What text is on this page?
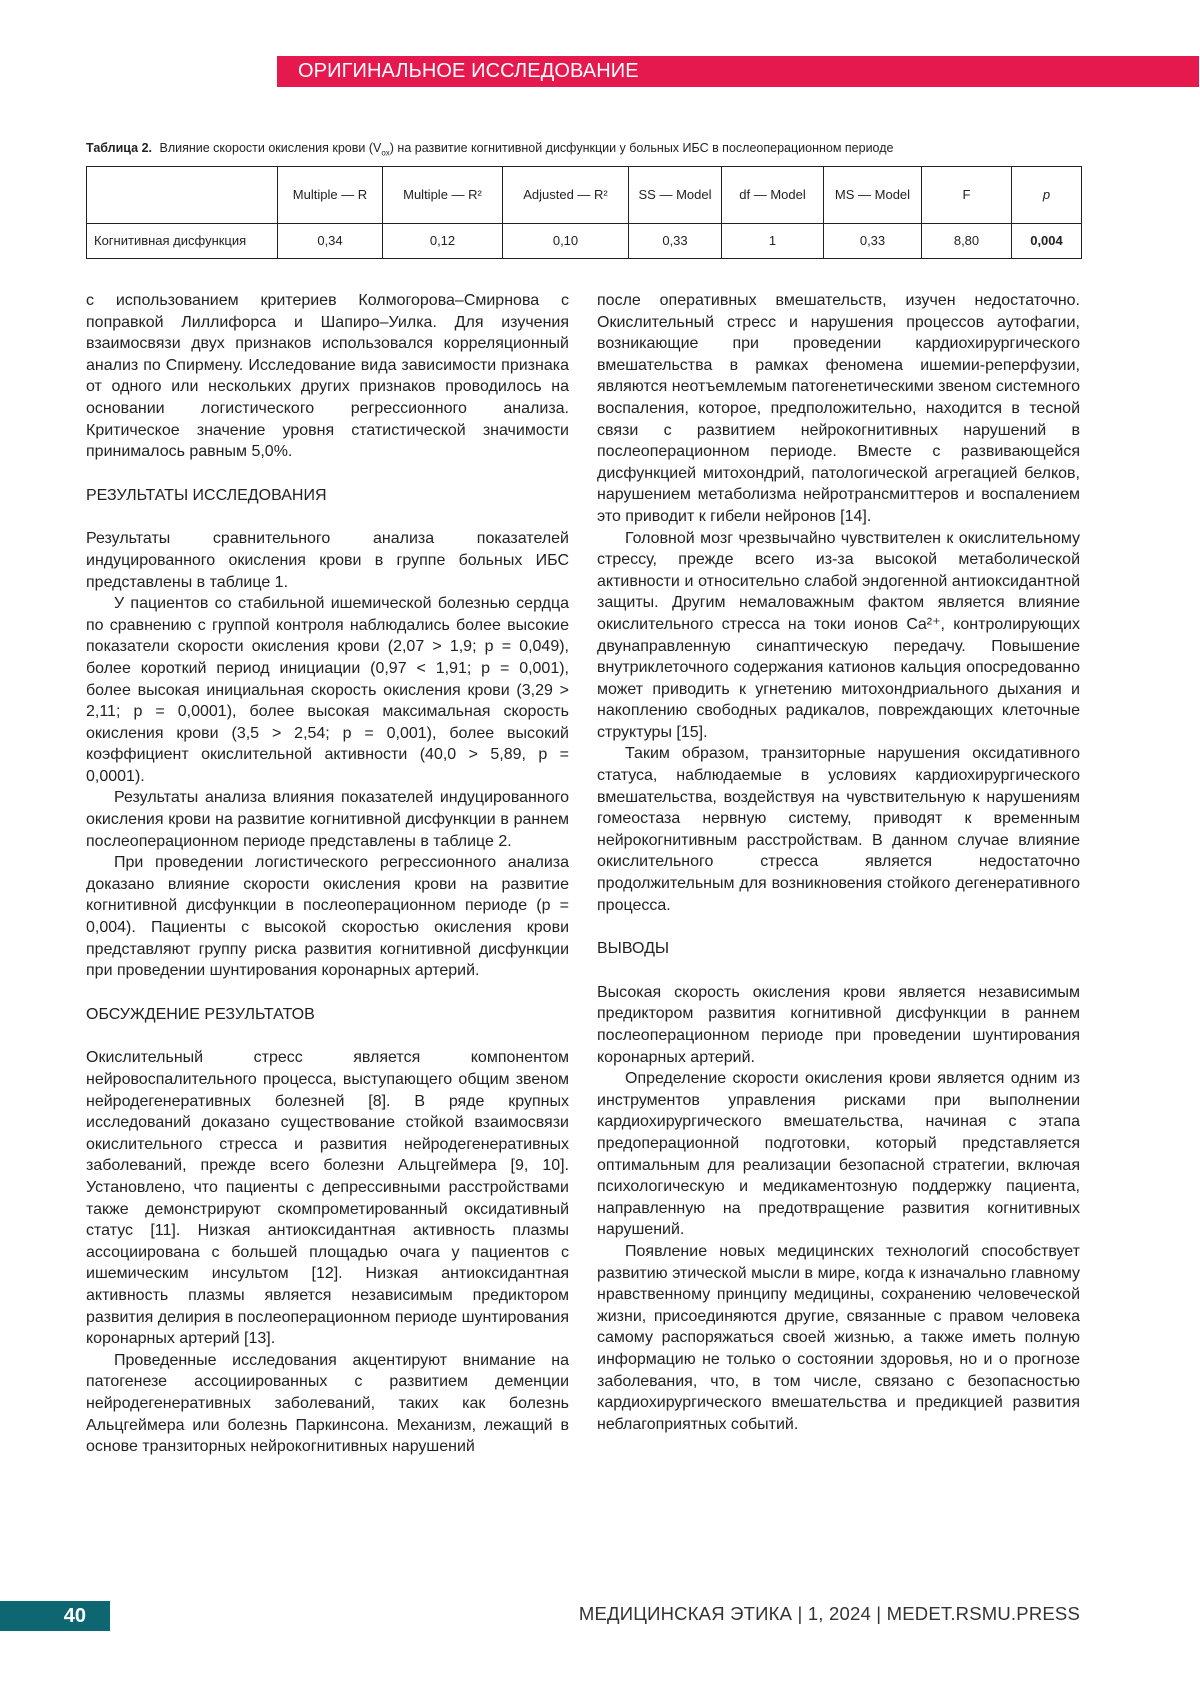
ОРИГИНАЛЬНОЕ ИССЛЕДОВАНИЕ
Таблица 2. Влияние скорости окисления крови $(V_{ox})$ на развитие когнитивной дисфункции у больных ИБС в послеоперационном периоде
	Multiple — R	Multiple — R²	Adjusted — R²	SS — Model	df — Model	MS — Model	F	p
Когнитивная дисфункция	0,34	0,12	0,10	0,33	1	0,33	8,80	0,004

с использованием критериев Колмогорова–Смирнова с поправкой Лиллифорса и Шапиро–Уилка. Для изучения взаимосвязи двух признаков использовался корреляционный анализ по Спирмену. Исследование вида зависимости признака от одного или нескольких других признаков проводилось на основании логистического регрессионного анализа. Критическое значение уровня статистической значимости принималось равным 5,0%.

РЕЗУЛЬТАТЫ ИССЛЕДОВАНИЯ

Результаты сравнительного анализа показателей индуцированного окисления крови в группе больных ИБС представлены в таблице 1.

У пациентов со стабильной ишемической болезнью сердца по сравнению с группой контроля наблюдались более высокие показатели скорости окисления крови (2,07 > 1,9; p = 0,049), более короткий период инициации (0,97 < 1,91; p = 0,001), более высокая инициальная скорость окисления крови (3,29 > 2,11; p = 0,0001), более высокая максимальная скорость окисления крови (3,5 > 2,54; p = 0,001), более высокий коэффициент окислительной активности (40,0 > 5,89, p = 0,0001).

Результаты анализа влияния показателей индуцированного окисления крови на развитие когнитивной дисфункции в раннем послеоперационном периоде представлены в таблице 2.

При проведении логистического регрессионного анализа доказано влияние скорости окисления крови на развитие когнитивной дисфункции в послеоперационном периоде (p = 0,004). Пациенты с высокой скоростью окисления крови представляют группу риска развития когнитивной дисфункции при проведении шунтирования коронарных артерий.

ОБСУЖДЕНИЕ РЕЗУЛЬТАТОВ

Окислительный стресс является компонентом нейровоспалительного процесса, выступающего общим звеном нейродегенеративных болезней [8]. В ряде крупных исследований доказано существование стойкой взаимосвязи окислительного стресса и развития нейродегенеративных заболеваний, прежде всего болезни Альцгеймера [9, 10]. Установлено, что пациенты с депрессивными расстройствами также демонстрируют скомпрометированный оксидативный статус [11]. Низкая антиоксидантная активность плазмы ассоциирована с большей площадью очага у пациентов с ишемическим инсультом [12]. Низкая антиоксидантная активность плазмы является независимым предиктором развития делирия в послеоперационном периоде шунтирования коронарных артерий [13].

Проведенные исследования акцентируют внимание на патогенезе ассоциированных с развитием деменции нейродегенеративных заболеваний, таких как болезнь Альцгеймера или болезнь Паркинсона. Механизм, лежащий в основе транзиторных нейрокогнитивных нарушений

после оперативных вмешательств, изучен недостаточно. Окислительный стресс и нарушения процессов аутофагии, возникающие при проведении кардиохирургического вмешательства в рамках феномена ишемии-реперфузии, являются неотъемлемым патогенетическими звеном системного воспаления, которое, предположительно, находится в тесной связи с развитием нейрокогнитивных нарушений в послеоперационном периоде. Вместе с развивающейся дисфункцией митохондрий, патологической агрегацией белков, нарушением метаболизма нейротрансмиттеров и воспалением это приводит к гибели нейронов [14].

Головной мозг чрезвычайно чувствителен к окислительному стрессу, прежде всего из-за высокой метаболической активности и относительно слабой эндогенной антиоксидантной защиты. Другим немаловажным фактом является влияние окислительного стресса на токи ионов Ca²⁺, контролирующих двунаправленную синаптическую передачу. Повышение внутриклеточного содержания катионов кальция опосредованно может приводить к угнетению митохондриального дыхания и накоплению свободных радикалов, повреждающих клеточные структуры [15].

Таким образом, транзиторные нарушения оксидативного статуса, наблюдаемые в условиях кардиохирургического вмешательства, воздействуя на чувствительную к нарушениям гомеостаза нервную систему, приводят к временным нейрокогнитивным расстройствам. В данном случае влияние окислительного стресса является недостаточно продолжительным для возникновения стойкого дегенеративного процесса.

ВЫВОДЫ

Высокая скорость окисления крови является независимым предиктором развития когнитивной дисфункции в раннем послеоперационном периоде при проведении шунтирования коронарных артерий.

Определение скорости окисления крови является одним из инструментов управления рисками при выполнении кардиохирургического вмешательства, начиная с этапа предоперационной подготовки, который представляется оптимальным для реализации безопасной стратегии, включая психологическую и медикаментозную поддержку пациента, направленную на предотвращение развития когнитивных нарушений.

Появление новых медицинских технологий способствует развитию этической мысли в мире, когда к изначально главному нравственному принципу медицины, сохранению человеческой жизни, присоединяются другие, связанные с правом человека самому распоряжаться своей жизнью, а также иметь полную информацию не только о состоянии здоровья, но и о прогнозе заболевания, что, в том числе, связано с безопасностью кардиохирургического вмешательства и предикцией развития неблагоприятных событий.

40	МЕДИЦИНСКАЯ ЭТИКА | 1, 2024 | MEDET.RSMU.PRESS
